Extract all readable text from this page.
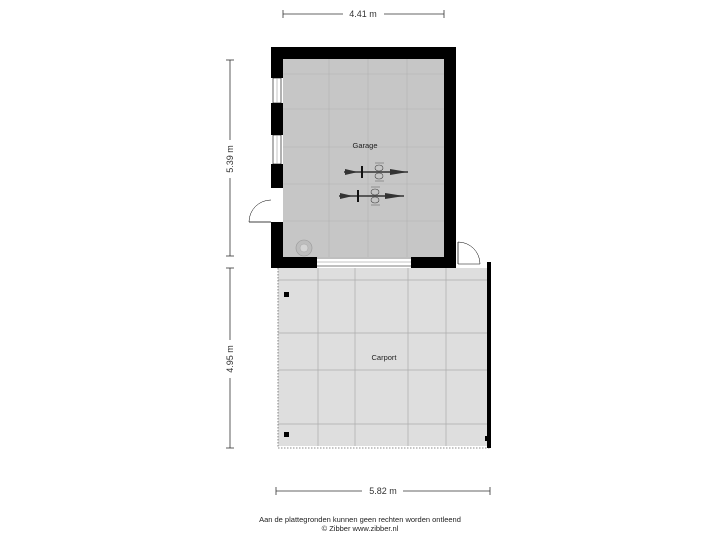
4.41 m
5.39 m
4.95 m
5.82 m
Carport
Garage
Aan de plattegronden kunnen geen rechten worden ontleend
© Zibber www.zibber.nl
